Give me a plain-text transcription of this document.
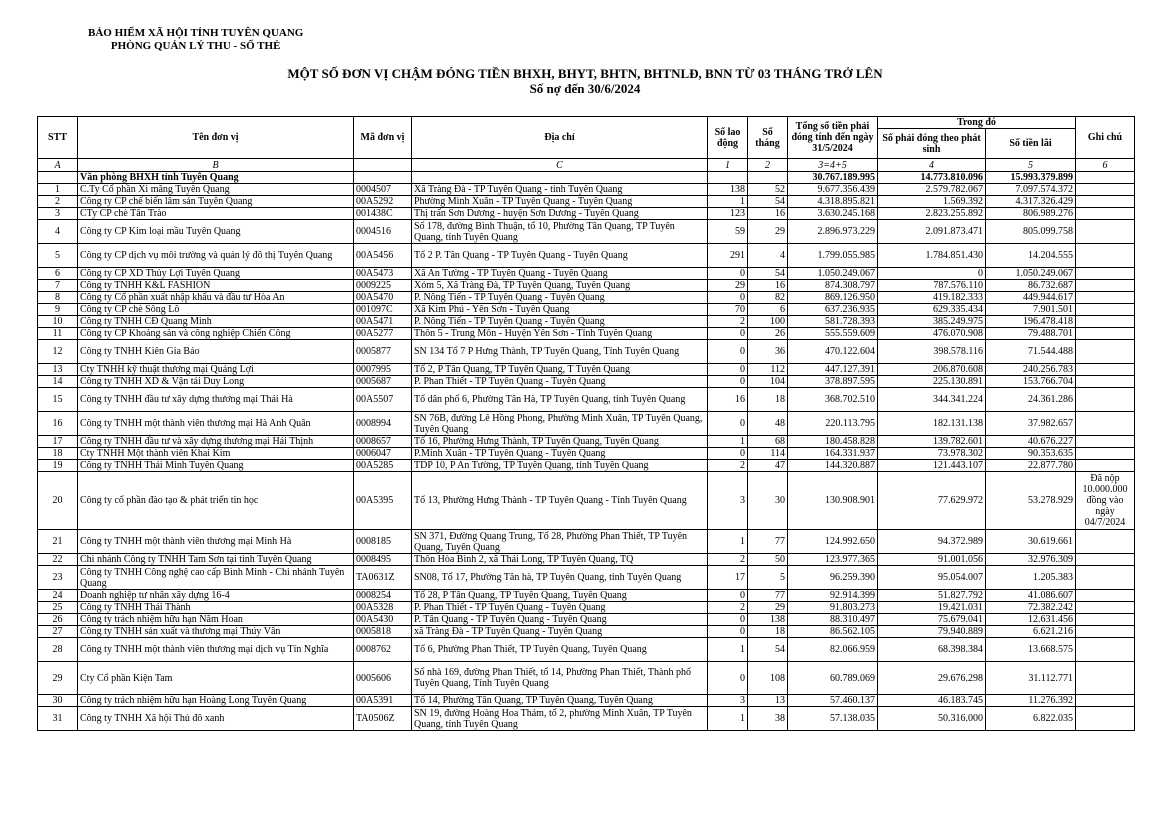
BẢO HIỂM XÃ HỘI TỈNH TUYÊN QUANG
PHÒNG QUẢN LÝ THU - SỔ THẺ
MỘT SỐ ĐƠN VỊ CHẬM ĐÓNG TIỀN BHXH, BHYT, BHTN, BHTNLĐ, BNN TỪ 03 THÁNG TRỞ LÊN
Số nợ đến 30/6/2024
STT	Tên đơn vị	Mã đơn vị	Địa chỉ	Số lao động	Số tháng	Tổng số tiền phải đóng tính đến ngày 31/5/2024	Trong đó		Ghi chú
							Số phải đóng theo phát sinh	Số tiền lãi	
A	B		C	1	2	3=4+5	4	5	6
	Văn phòng BHXH tỉnh Tuyên Quang					30.767.189.995	14.773.810.096	15.993.379.899	
1	C.Ty Cổ phần Xi măng Tuyên Quang	0004507	Xã Tràng Đà - TP Tuyên Quang - tỉnh Tuyên Quang	138	52	9.677.356.439	2.579.782.067	7.097.574.372	
2	Công ty CP chế biến lâm sản Tuyên Quang	00A5292	Phường Minh Xuân - TP Tuyên Quang - Tuyên Quang	1	54	4.318.895.821	1.569.392	4.317.326.429	
3	CTy CP chè Tân Trào	001438C	Thị trấn Sơn Dương - huyện Sơn Dương - Tuyên Quang	123	16	3.630.245.168	2.823.255.892	806.989.276	
4	Công ty CP Kim loại mầu Tuyên Quang	0004516	Số 178, đường Bình Thuận, tổ 10, Phường Tân Quang, TP Tuyên Quang, tỉnh Tuyên Quang	59	29	2.896.973.229	2.091.873.471	805.099.758	
5	Công ty CP dịch vụ môi trường và quản lý đô thị Tuyên Quang	00A5456	Tổ 2 P. Tân Quang - TP Tuyên Quang - Tuyên Quang	291	4	1.799.055.985	1.784.851.430	14.204.555	
6	Công ty CP XD Thủy Lợi Tuyên Quang	00A5473	Xã An Tường - TP Tuyên Quang - Tuyên Quang	0	54	1.050.249.067	0	1.050.249.067	
7	Công ty TNHH K&L FASHION	0009225	Xóm 5, Xã Tràng Đà, TP Tuyên Quang, Tuyên Quang	29	16	874.308.797	787.576.110	86.732.687	
8	Công ty Cổ phần xuất nhập khẩu và đầu tư Hòa An	00A5470	P. Nông Tiến - TP Tuyên Quang - Tuyên Quang	0	82	869.126.950	419.182.333	449.944.617	
9	Công ty CP chè Sông Lô	001097C	Xã Kim Phú - Yên Sơn - Tuyên Quang	70	6	637.236.935	629.335.434	7.901.501	
10	Công ty TNHH CĐ Quang Minh	00A5471	P. Nông Tiến - TP Tuyên Quang - Tuyên Quang	2	100	581.728.393	385.249.975	196.478.418	
11	Công ty CP Khoáng sản và công nghiệp Chiến Công	00A5277	Thôn 5 - Trung Môn - Huyện Yên Sơn - Tỉnh Tuyên Quang	0	26	555.559.609	476.070.908	79.488.701	
12	Công ty TNHH Kiên Gia Bảo	0005877	SN 134 Tổ 7 P Hưng Thành, TP Tuyên Quang, Tỉnh Tuyên Quang	0	36	470.122.604	398.578.116	71.544.488	
13	Cty TNHH kỹ thuật thương mại Quảng Lợi	0007995	Tổ 2, P Tân Quang, TP Tuyên Quang, T Tuyên Quang	0	112	447.127.391	206.870.608	240.256.783	
14	Công ty TNHH XD & Vận tải Duy Long	0005687	P. Phan Thiết - TP Tuyên Quang - Tuyên Quang	0	104	378.897.595	225.130.891	153.766.704	
15	Công ty TNHH đầu tư xây dựng thương mại Thái Hà	00A5507	Tổ dân phố 6, Phường Tân Hà, TP Tuyên Quang, tỉnh Tuyên Quang	16	18	368.702.510	344.341.224	24.361.286	
16	Công ty TNHH một thành viên thương mại Hà Anh Quân	0008994	SN 76B, đường Lê Hồng Phong, Phường Minh Xuân, TP Tuyên Quang, Tuyên Quang	0	48	220.113.795	182.131.138	37.982.657	
17	Công ty TNHH đầu tư và xây dựng thương mại Hải Thịnh	0008657	Tổ 16, Phường Hưng Thành, TP Tuyên Quang, Tuyên Quang	1	68	180.458.828	139.782.601	40.676.227	
18	Cty TNHH Một thành viên Khai Kim	0006047	P.Minh Xuân - TP Tuyên Quang - Tuyên Quang	0	114	164.331.937	73.978.302	90.353.635	
19	Công ty TNHH Thái Minh Tuyên Quang	00A5285	TDP 10, P An Tường, TP Tuyên Quang, tỉnh Tuyên Quang	2	47	144.320.887	121.443.107	22.877.780	
20	Công ty cổ phần đào tạo & phát triển tin học	00A5395	Tổ 13, Phường Hưng Thành - TP Tuyên Quang - Tỉnh Tuyên Quang	3	30	130.908.901	77.629.972	53.278.929	Đã nộp 10.000.000 đồng vào ngày 04/7/2024
21	Công ty TNHH một thành viên thương mại Minh Hà	0008185	SN 371, Đường Quang Trung, Tổ 28, Phường Phan Thiết, TP Tuyên Quang, Tuyên Quang	1	77	124.992.650	94.372.989	30.619.661	
22	Chi nhánh Công ty TNHH Tam Sơn tại tỉnh Tuyên Quang	0008495	Thôn Hòa Bình 2, xã Thái Long, TP Tuyên Quang, TQ	2	50	123.977.365	91.001.056	32.976.309	
23	Công ty TNHH Công nghệ cao cấp Bình Minh - Chi nhánh Tuyên Quang	TA0631Z	SN08, Tổ 17, Phường Tân hà, TP Tuyên Quang, tỉnh Tuyên Quang	17	5	96.259.390	95.054.007	1.205.383	
24	Doanh nghiệp tư nhân xây dựng 16-4	0008254	Tổ 28, P Tân Quang, TP Tuyên Quang, Tuyên Quang	0	77	92.914.399	51.827.792	41.086.607	
25	Công ty TNHH Thái Thành	00A5328	P. Phan Thiết - TP Tuyên Quang - Tuyên Quang	2	29	91.803.273	19.421.031	72.382.242	
26	Công ty trách nhiệm hữu hạn Năm Hoan	00A5430	P. Tân Quang - TP Tuyên Quang - Tuyên Quang	0	138	88.310.497	75.679.041	12.631.456	
27	Công ty TNHH sản xuất và thương mại Thúy Vân	0005818	xã Tràng Đà - TP Tuyên Quang - Tuyên Quang	0	18	86.562.105	79.940.889	6.621.216	
28	Công ty TNHH một thành viên thương mại dịch vụ Tín Nghĩa	0008762	Tổ 6, Phường Phan Thiết, TP Tuyên Quang, Tuyên Quang	1	54	82.066.959	68.398.384	13.668.575	
29	Cty Cổ phần Kiện Tam	0005606	Số nhà 169, đường Phan Thiết, tổ 14, Phường Phan Thiết, Thành phố Tuyên Quang, Tỉnh Tuyên Quang	0	108	60.789.069	29.676.298	31.112.771	
30	Công ty trách nhiệm hữu hạn Hoàng Long Tuyên Quang	00A5391	Tổ 14, Phường Tân Quang, TP Tuyên Quang, Tuyên Quang	3	13	57.460.137	46.183.745	11.276.392	
31	Công ty TNHH Xã hội Thủ đô xanh	TA0506Z	SN 19, đường Hoàng Hoa Thám, tổ 2, phường Minh Xuân, TP Tuyên Quang, tỉnh Tuyên Quang	1	38	57.138.035	50.316.000	6.822.035	
